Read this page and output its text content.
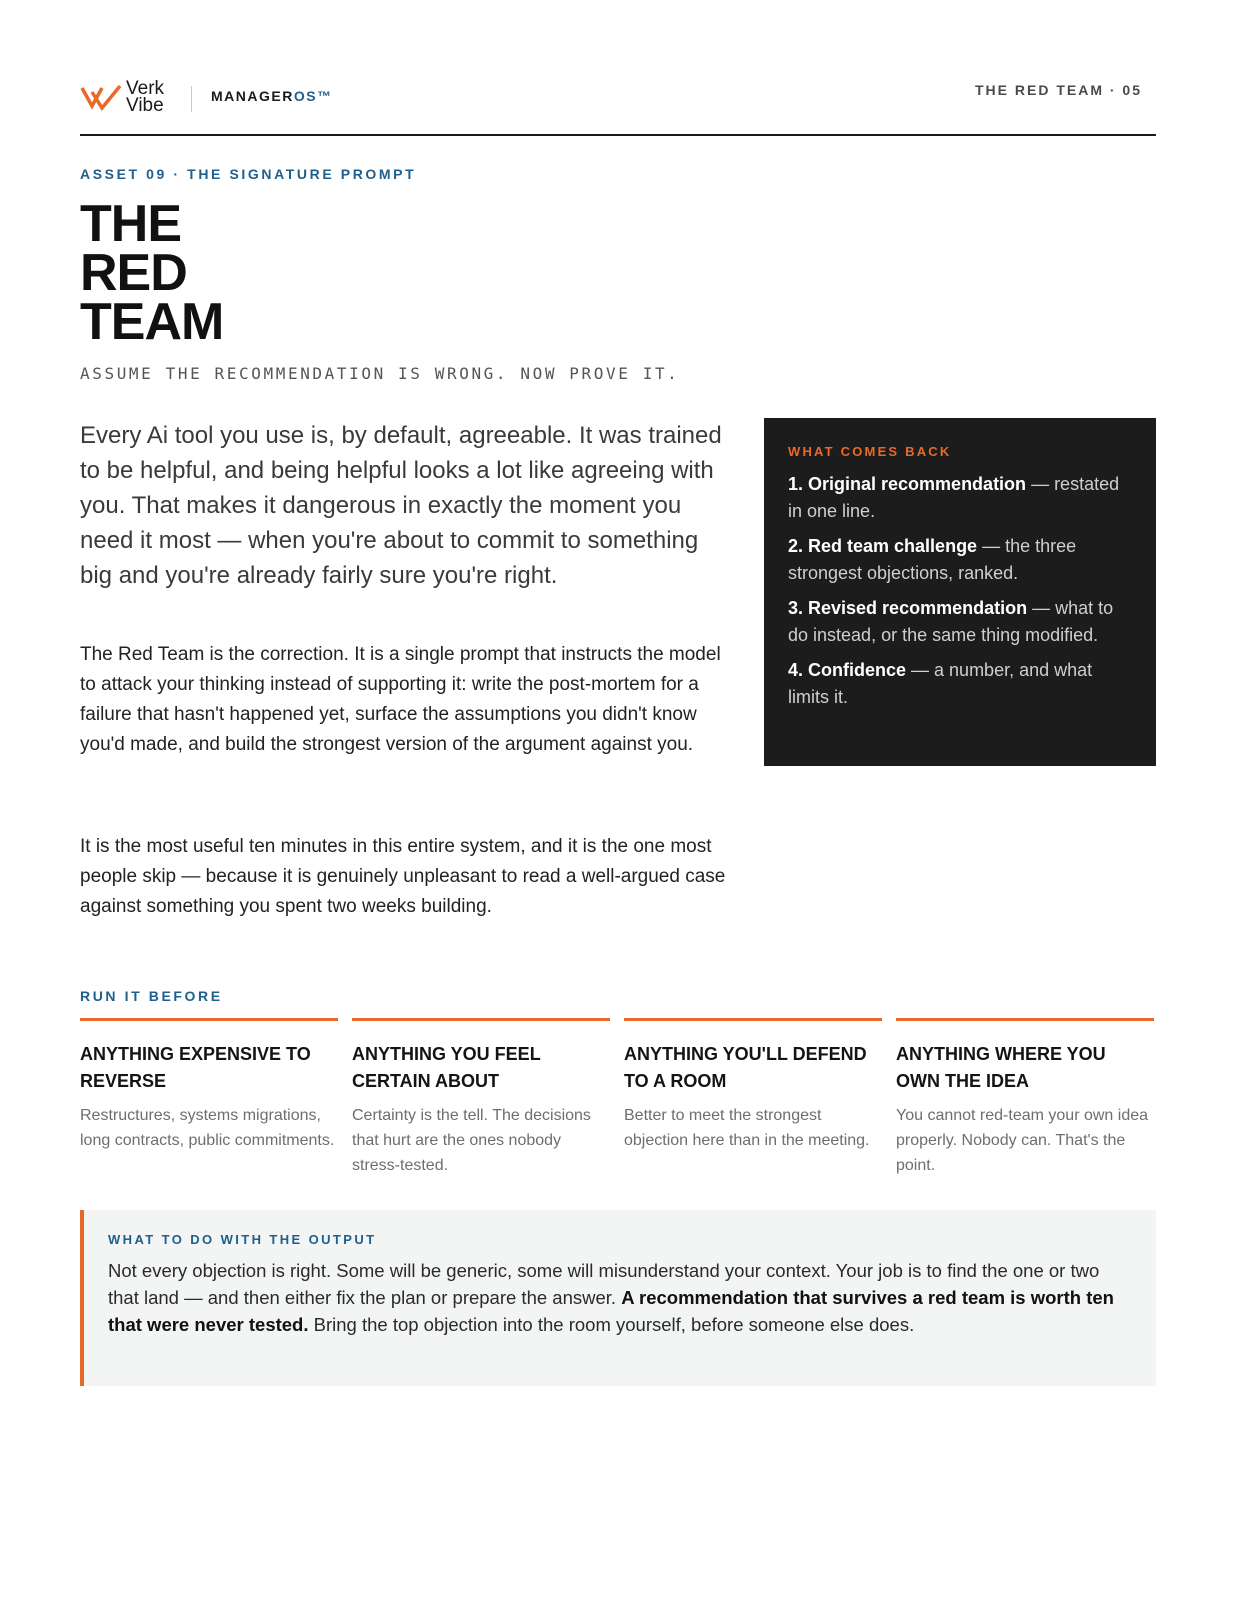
Verk
Vibe	MANAGEROS™	THE RED TEAM · 05
ASSET 09 · THE SIGNATURE PROMPT
THE
RED
TEAM
ASSUME THE RECOMMENDATION IS WRONG. NOW PROVE IT.

Every Ai tool you use is, by default, agreeable. It was trained to be helpful, and being helpful looks a lot like agreeing with you. That makes it dangerous in exactly the moment you need it most — when you're about to commit to something big and you're already fairly sure you're right.

The Red Team is the correction. It is a single prompt that instructs the model to attack your thinking instead of supporting it: write the post-mortem for a failure that hasn't happened yet, surface the assumptions you didn't know you'd made, and build the strongest version of the argument against you.

It is the most useful ten minutes in this entire system, and it is the one most people skip — because it is genuinely unpleasant to read a well-argued case against something you spent two weeks building.

WHAT COMES BACK
1. Original recommendation — restated in one line.
2. Red team challenge — the three strongest objections, ranked.
3. Revised recommendation — what to do instead, or the same thing modified.
4. Confidence — a number, and what limits it.
RUN IT BEFORE
ANYTHING EXPENSIVE TO REVERSE
Restructures, systems migrations, long contracts, public commitments.
ANYTHING YOU FEEL CERTAIN ABOUT
Certainty is the tell. The decisions that hurt are the ones nobody stress-tested.
ANYTHING YOU'LL DEFEND TO A ROOM
Better to meet the strongest objection here than in the meeting.
ANYTHING WHERE YOU OWN THE IDEA
You cannot red-team your own idea properly. Nobody can. That's the point.
WHAT TO DO WITH THE OUTPUT

Not every objection is right. Some will be generic, some will misunderstand your context. Your job is to find the one or two that land — and then either fix the plan or prepare the answer. A recommendation that survives a red team is worth ten that were never tested. Bring the top objection into the room yourself, before someone else does.
